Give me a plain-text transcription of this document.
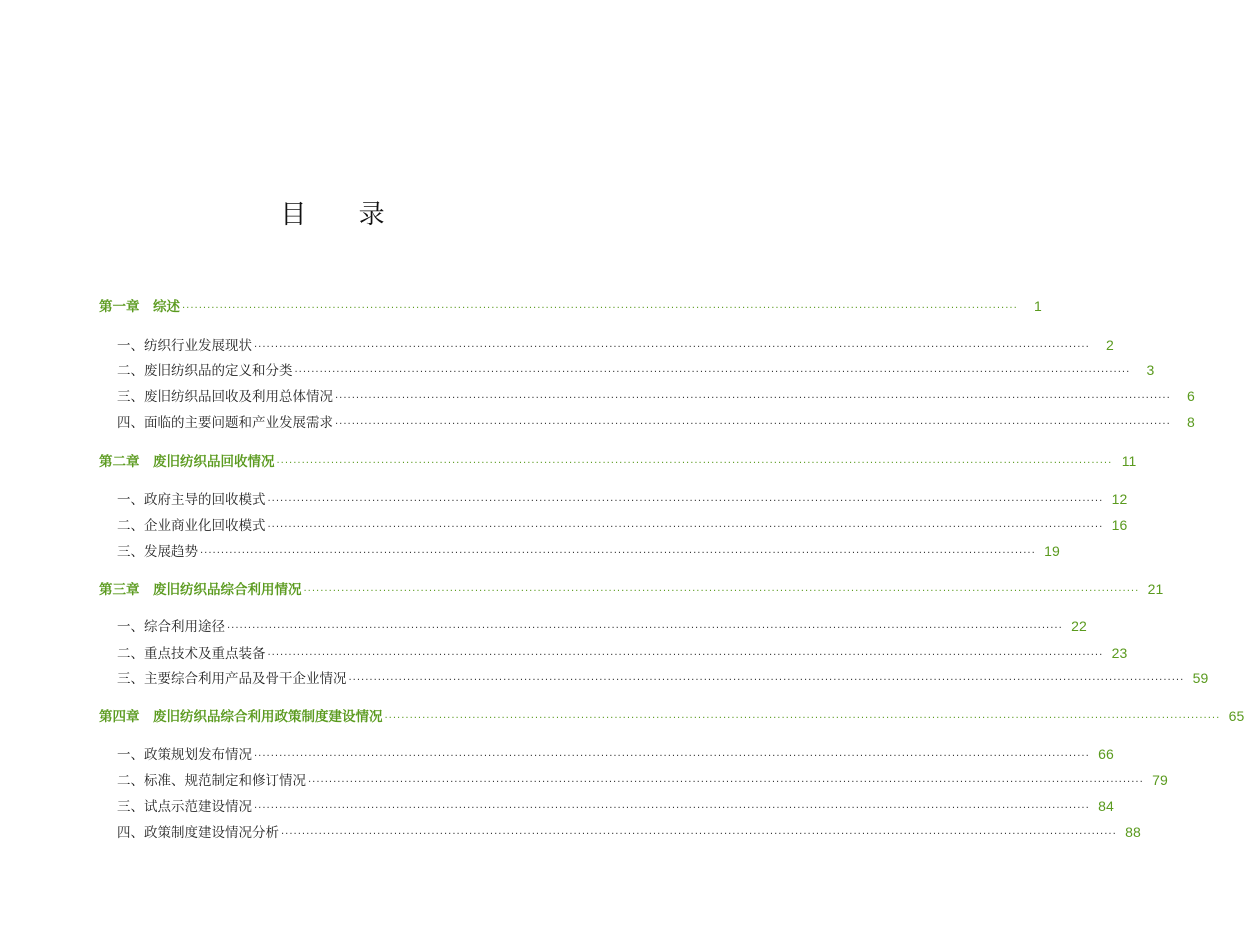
目 录
第一章　综述 ········································································································································································································	1
一、纺织行业发展现状 ········································································································································································································	2
二、废旧纺织品的定义和分类 ········································································································································································································	3
三、废旧纺织品回收及利用总体情况 ········································································································································································································	6
四、面临的主要问题和产业发展需求 ········································································································································································································	8
第二章　废旧纺织品回收情况 ········································································································································································································ 11
一、政府主导的回收模式 ········································································································································································································ 12
二、企业商业化回收模式 ········································································································································································································ 16
三、发展趋势 ········································································································································································································ 19
第三章　废旧纺织品综合利用情况 ········································································································································································································ 21
一、综合利用途径 ········································································································································································································ 22
二、重点技术及重点装备 ········································································································································································································ 23
三、主要综合利用产品及骨干企业情况 ········································································································································································································ 59
第四章　废旧纺织品综合利用政策制度建设情况 ········································································································································································································ 65
一、政策规划发布情况 ········································································································································································································ 66
二、标准、规范制定和修订情况 ········································································································································································································ 79
三、试点示范建设情况 ········································································································································································································ 84
四、政策制度建设情况分析 ········································································································································································································ 88
